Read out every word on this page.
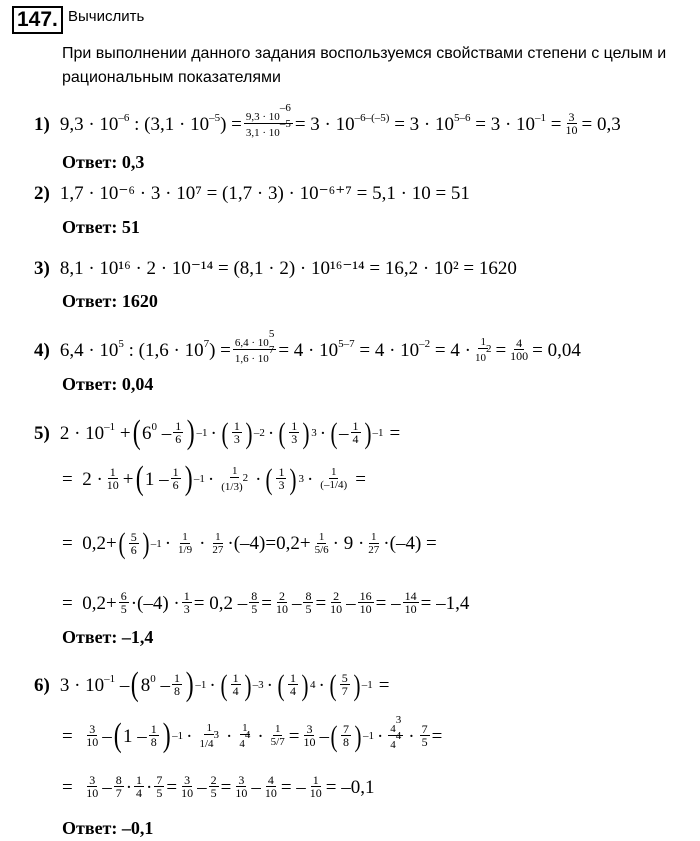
147. Вычислить
При выполнении данного задания воспользуемся свойствами степени с целым и рациональным показателями
1) $9,3 \cdot 10^{-6}$ : $(3,1 \cdot 10^{-5}) = \frac{9,3 \cdot 10^{-6}}{3,1 \cdot 10^{-5}} = 3 \cdot 10^{-6-(-5)} = 3 \cdot 10^{5-6} = 3 \cdot 10^{-1} = \frac{3}{10} = 0,3$
Ответ: 0,3
2) 1,7 · 10⁻⁶ · 3 · 10⁷ = (1,7 · 3) · 10⁻⁶⁺⁷ = 5,1 · 10 = 51
Ответ: 51
3) 8,1 · 10¹⁶ · 2 · 10⁻¹⁴ = (8,1 · 2) · 10¹⁶⁻¹⁴ = 16,2 · 10² = 1620
Ответ: 1620
4) $6,4 \cdot 10^5$ : $(1,6 \cdot 10^7) = \frac{6,4 \cdot 10^5}{1,6 \cdot 10^7} = 4 \cdot 10^{5-7} = 4 \cdot 10^{-2} = 4 \cdot \frac{1}{10^2} = \frac{4}{100} = 0,04$
Ответ: 0,04
5) $2 \cdot 10^{-1}$ + ( $6^0 - 1$
6 ) –1 · ( 1
3 ) –2 · ( 1
3 ) 3 · ( – 1
4 ) –1 =
=  2 · 1
10 + ( 1 – 1
6 ) –1 · 1
$(1/3)^2$ · ( 1
3 ) $3 \cdot \frac{1}{(-1/4)}$ =
=  0,2+ ( 5
6 ) –1 · 1
1/9 · 1
$27 \cdot(-4)=0,2+ \frac{1}{5/6} \cdot 9 \cdot 1$
27 ·(–4) =
=  $0,2+ \frac{6}{5} \cdot(-4) \cdot \frac{1}{3} = 0,2 - \frac{8}{5} = \frac{2}{10} - \frac{8}{5} = \frac{2}{10} - \frac{16}{10}$ = – $\frac{14}{10} = -1,4$
Ответ: –1,4
6) $3 \cdot 10^{-1}$ – ( $8^0 - 1$
8 ) –1 · ( 1
4 ) –3 · ( 1
4 ) 4 · ( 5
7 ) –1 =
= $\frac{3}{10}$ – ( 1 – 1
8 ) –1 · 1
$1/4^3 \cdot 1$
$4^4 \cdot \frac{1}{5/7} = \frac{3}{10}$ – ( 7
8 ) $-1 \cdot 4^3$
$4^4 \cdot \frac{7}{5}$ =
= $\frac{3}{10} - 8$
7 · 1
$4 \cdot \frac{7}{5} = \frac{3}{10} - \frac{2}{5} = \frac{3}{10} - \frac{4}{10}$ = – $\frac{1}{10} = -0,1$
Ответ: –0,1
